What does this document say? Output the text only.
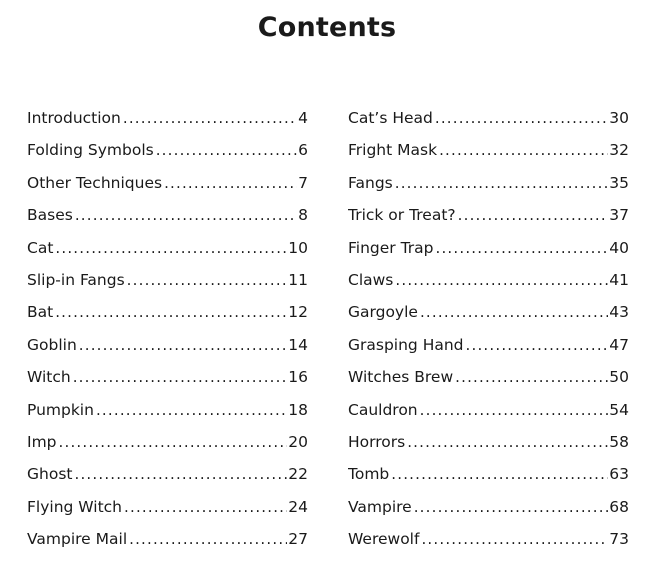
Contents
Introduction .....	4
Folding Symbols .....	6
Other Techniques .....	7
Bases .....	8
Cat .....	10
Slip-in Fangs .....	11
Bat .....	12
Goblin .....	14
Witch .....	16
Pumpkin .....	18
Imp .....	20
Ghost .....	22
Flying Witch .....	24
Vampire Mail .....	27
Cat’s Head .....	30
Fright Mask .....	32
Fangs .....	35
Trick or Treat? .....	37
Finger Trap .....	40
Claws .....	41
Gargoyle .....	43
Grasping Hand .....	47
Witches Brew .....	50
Cauldron .....	54
Horrors .....	58
Tomb .....	63
Vampire .....	68
Werewolf .....	73
